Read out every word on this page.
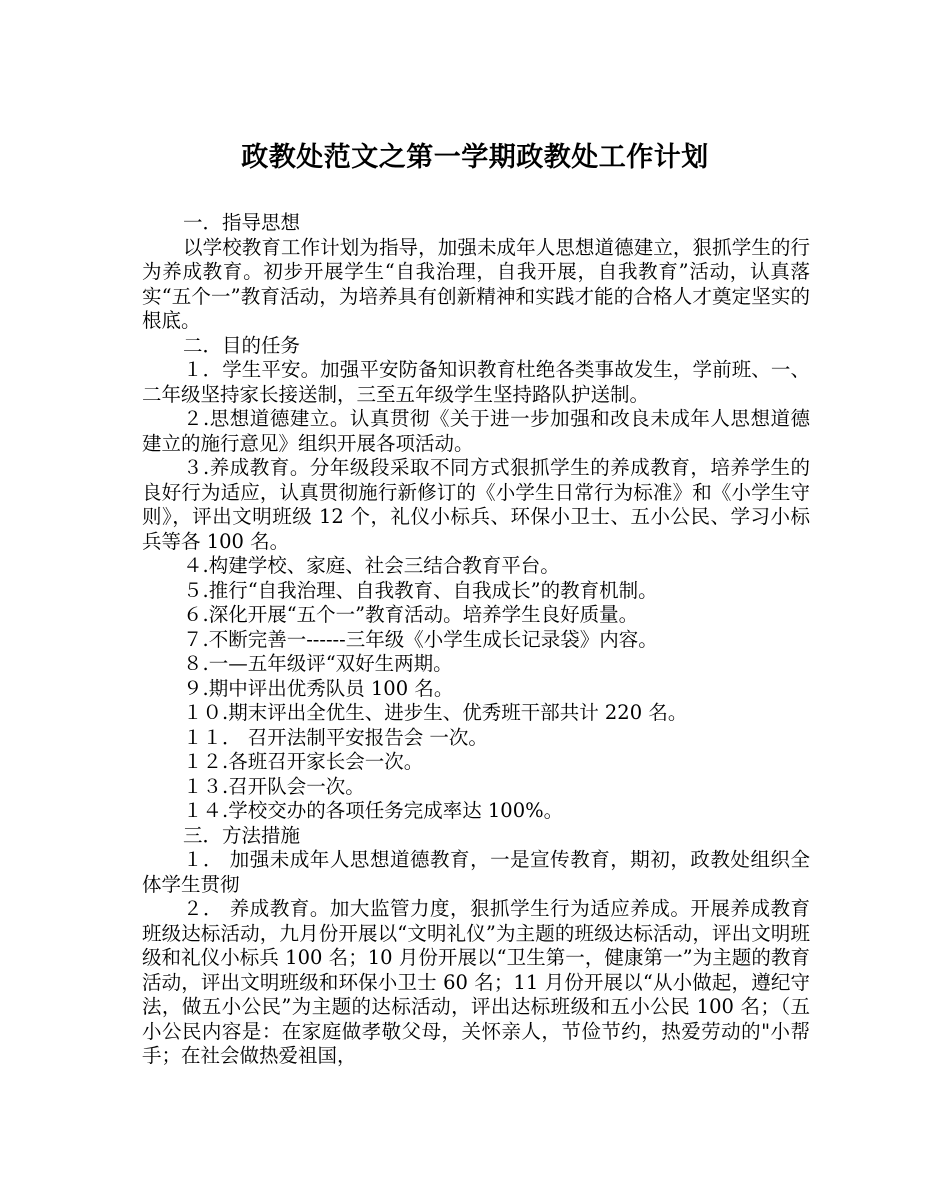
政教处范文之第一学期政教处工作计划

一．指导思想

以学校教育工作计划为指导，加强未成年人思想道德建立，狠抓学生的行为养成教育。初步开展学生“自我治理，自我开展，自我教育”活动，认真落实“五个一”教育活动，为培养具有创新精神和实践才能的合格人才奠定坚实的根底。

二．目的任务

１．学生平安。加强平安防备知识教育杜绝各类事故发生，学前班、一、二年级坚持家长接送制，三至五年级学生坚持路队护送制。

２.思想道德建立。认真贯彻《关于进一步加强和改良未成年人思想道德建立的施行意见》组织开展各项活动。

３.养成教育。分年级段采取不同方式狠抓学生的养成教育，培养学生的良好行为适应，认真贯彻施行新修订的《小学生日常行为标准》和《小学生守则》，评出文明班级 12 个，礼仪小标兵、环保小卫士、五小公民、学习小标兵等各 100 名。

４.构建学校、家庭、社会三结合教育平台。

５.推行“自我治理、自我教育、自我成长”的教育机制。

６.深化开展“五个一”教育活动。培养学生良好质量。

７.不断完善一------三年级《小学生成长记录袋》内容。

８.一—五年级评“双好生两期。

９.期中评出优秀队员 100 名。

１０.期末评出全优生、进步生、优秀班干部共计 220 名。

１１． 召开法制平安报告会 一次。

１２.各班召开家长会一次。

１３.召开队会一次。

１４.学校交办的各项任务完成率达 100%。

三．方法措施

１． 加强未成年人思想道德教育，一是宣传教育，期初，政教处组织全体学生贯彻

２． 养成教育。加大监管力度，狠抓学生行为适应养成。开展养成教育班级达标活动，九月份开展以“文明礼仪”为主题的班级达标活动，评出文明班级和礼仪小标兵 100 名；10 月份开展以“卫生第一，健康第一”为主题的教育活动，评出文明班级和环保小卫士 60 名；11 月份开展以“从小做起，遵纪守法，做五小公民”为主题的达标活动，评出达标班级和五小公民 100 名；（五小公民内容是：在家庭做孝敬父母，关怀亲人，节俭节约，热爱劳动的"小帮手；在社会做热爱祖国，
